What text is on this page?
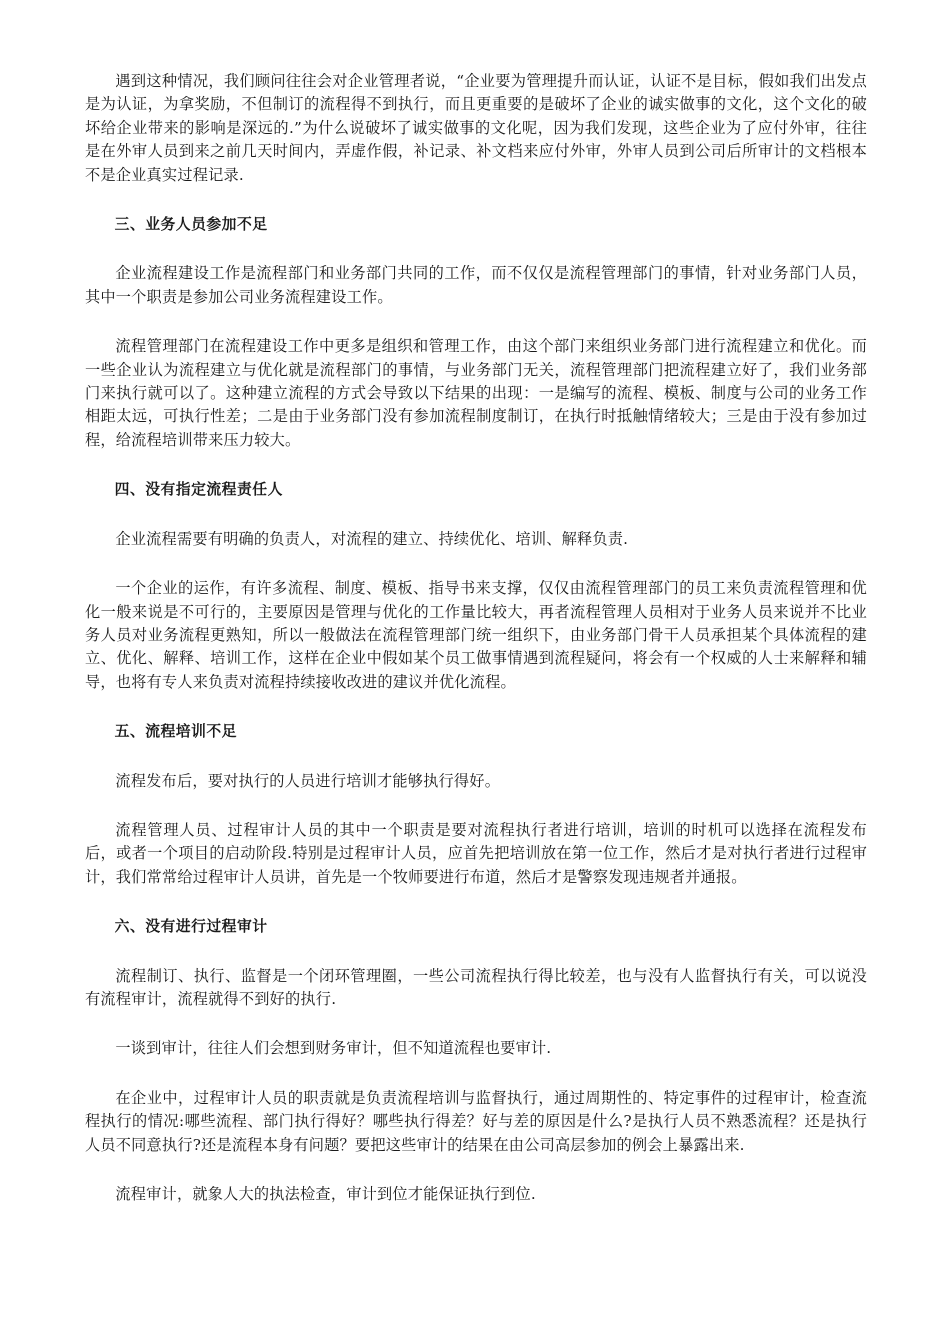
遇到这种情况，我们顾问往往会对企业管理者说，“企业要为管理提升而认证，认证不是目标，假如我们出发点是为认证，为拿奖励，不但制订的流程得不到执行，而且更重要的是破坏了企业的诚实做事的文化，这个文化的破坏给企业带来的影响是深远的.”为什么说破坏了诚实做事的文化呢，因为我们发现，这些企业为了应付外审，往往是在外审人员到来之前几天时间内，弄虚作假，补记录、补文档来应付外审，外审人员到公司后所审计的文档根本不是企业真实过程记录.

三、业务人员参加不足

企业流程建设工作是流程部门和业务部门共同的工作，而不仅仅是流程管理部门的事情，针对业务部门人员，其中一个职责是参加公司业务流程建设工作。

流程管理部门在流程建设工作中更多是组织和管理工作，由这个部门来组织业务部门进行流程建立和优化。而一些企业认为流程建立与优化就是流程部门的事情，与业务部门无关，流程管理部门把流程建立好了，我们业务部门来执行就可以了。这种建立流程的方式会导致以下结果的出现：一是编写的流程、模板、制度与公司的业务工作相距太远，可执行性差；二是由于业务部门没有参加流程制度制订，在执行时抵触情绪较大；三是由于没有参加过程，给流程培训带来压力较大。

四、没有指定流程责任人

企业流程需要有明确的负责人，对流程的建立、持续优化、培训、解释负责.

一个企业的运作，有许多流程、制度、模板、指导书来支撑，仅仅由流程管理部门的员工来负责流程管理和优化一般来说是不可行的，主要原因是管理与优化的工作量比较大，再者流程管理人员相对于业务人员来说并不比业务人员对业务流程更熟知，所以一般做法在流程管理部门统一组织下，由业务部门骨干人员承担某个具体流程的建立、优化、解释、培训工作，这样在企业中假如某个员工做事情遇到流程疑问，将会有一个权威的人士来解释和辅导，也将有专人来负责对流程持续接收改进的建议并优化流程。

五、流程培训不足

流程发布后，要对执行的人员进行培训才能够执行得好。

流程管理人员、过程审计人员的其中一个职责是要对流程执行者进行培训，培训的时机可以选择在流程发布后，或者一个项目的启动阶段.特别是过程审计人员，应首先把培训放在第一位工作，然后才是对执行者进行过程审计，我们常常给过程审计人员讲，首先是一个牧师要进行布道，然后才是警察发现违规者并通报。

六、没有进行过程审计

流程制订、执行、监督是一个闭环管理圈，一些公司流程执行得比较差，也与没有人监督执行有关，可以说没有流程审计，流程就得不到好的执行.

一谈到审计，往往人们会想到财务审计，但不知道流程也要审计.

在企业中，过程审计人员的职责就是负责流程培训与监督执行，通过周期性的、特定事件的过程审计，检查流程执行的情况:哪些流程、部门执行得好？哪些执行得差？好与差的原因是什么?是执行人员不熟悉流程？还是执行人员不同意执行?还是流程本身有问题？要把这些审计的结果在由公司高层参加的例会上暴露出来.

流程审计，就象人大的执法检查，审计到位才能保证执行到位.
